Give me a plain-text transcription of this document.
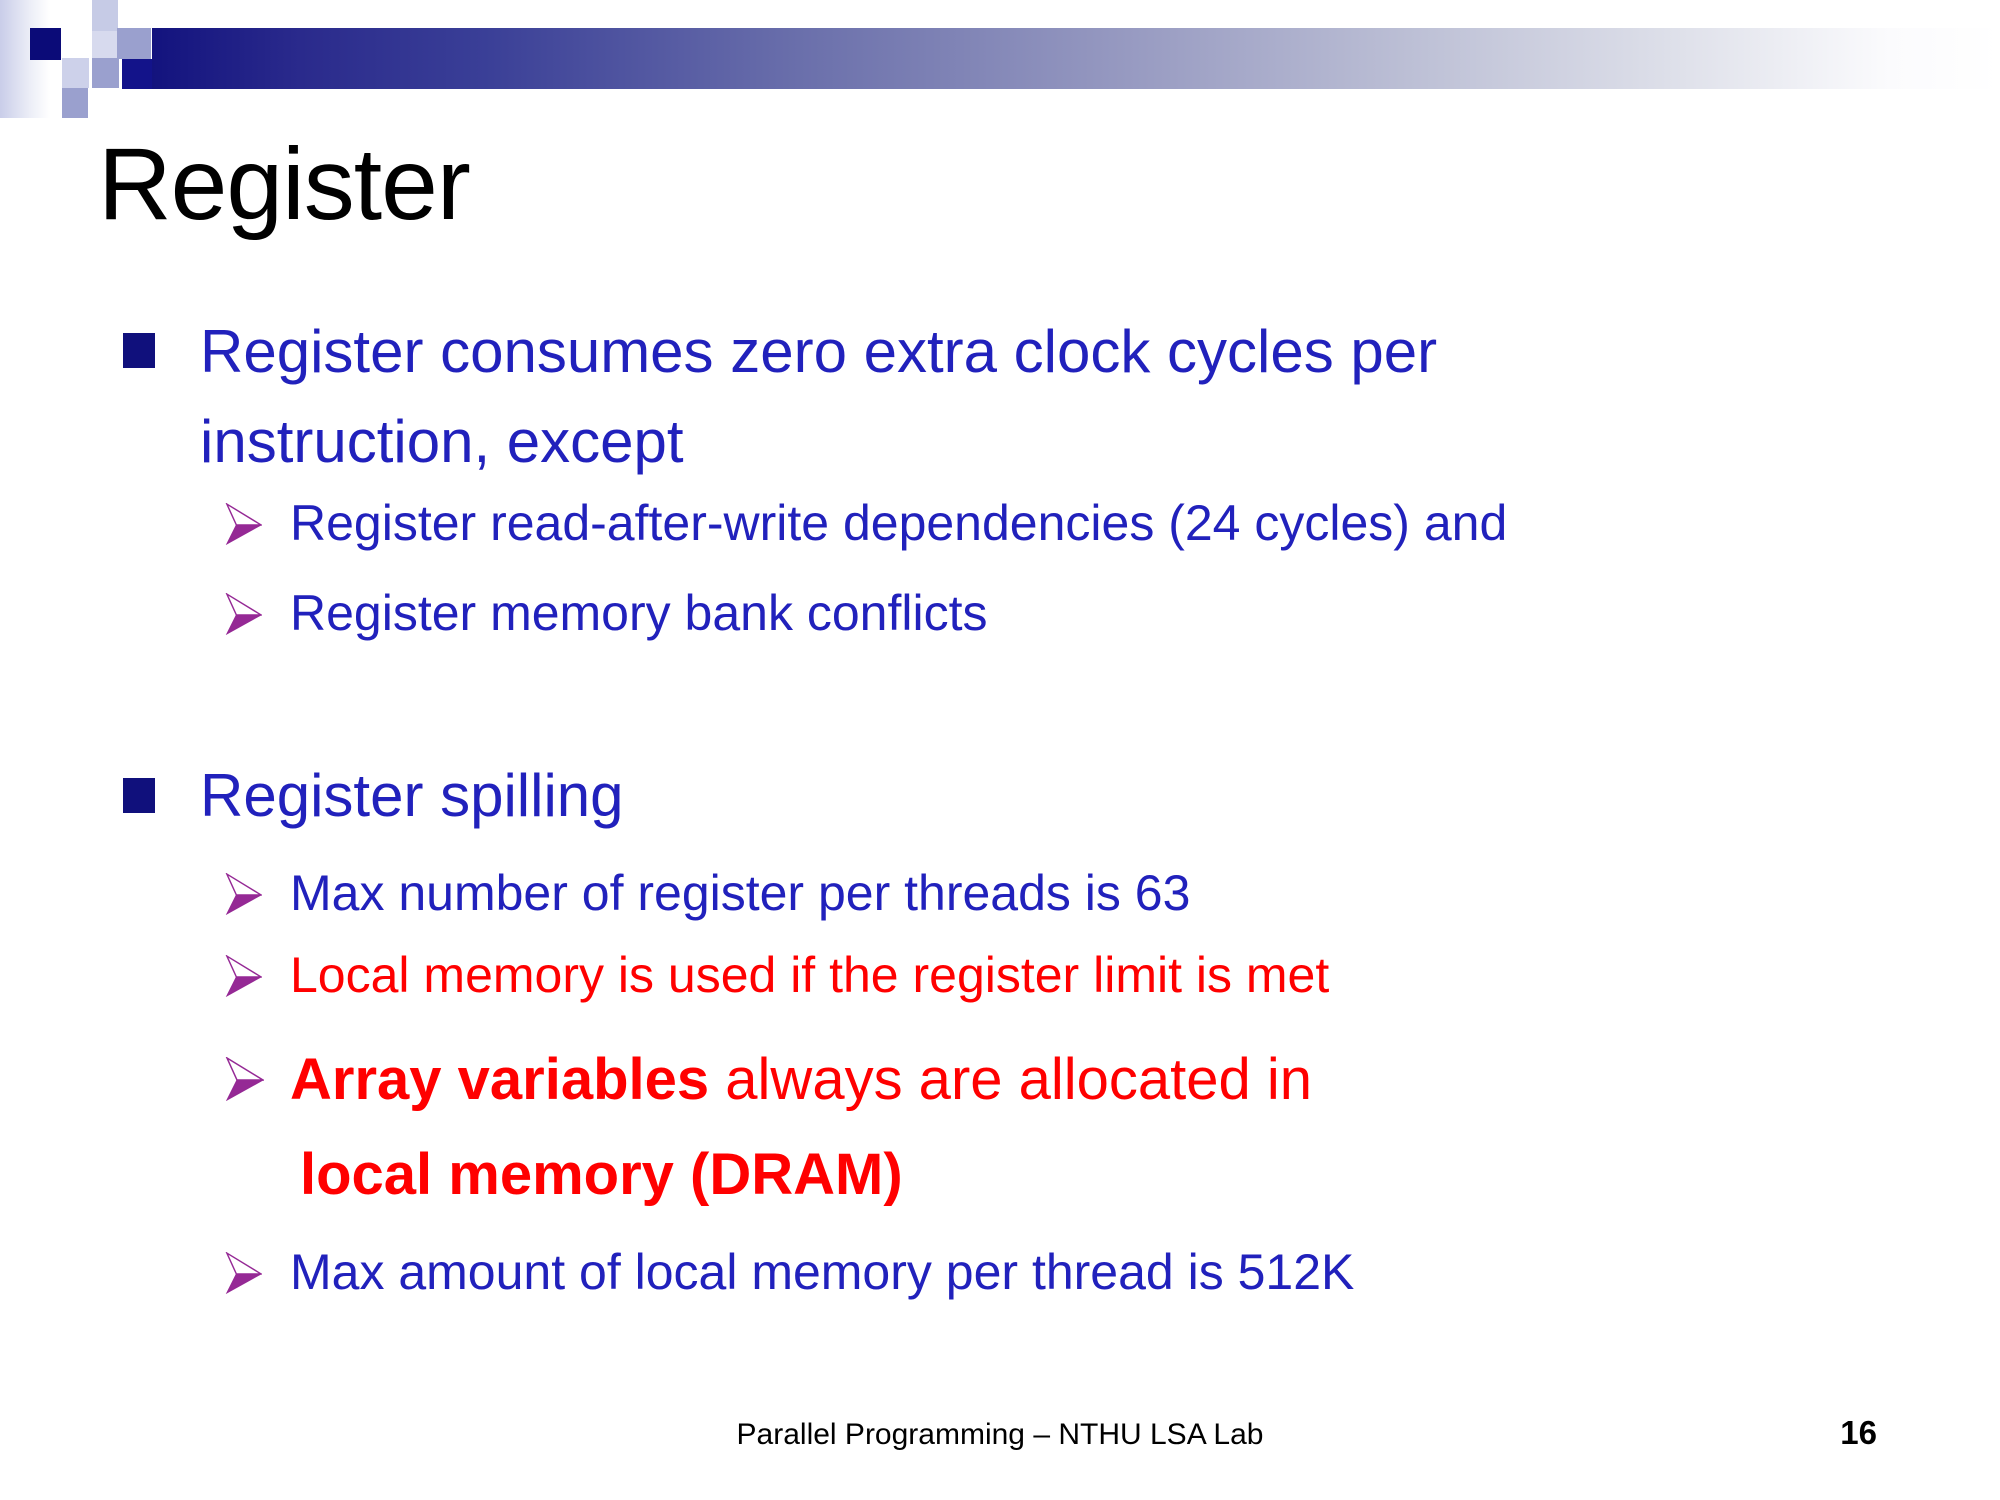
Register
Register consumes zero extra clock cycles per
instruction, except
Register read-after-write dependencies (24 cycles) and
Register memory bank conflicts
Register spilling
Max number of register per threads is 63
Local memory is used if the register limit is met
Array variables always are allocated in
local memory (DRAM)
Max amount of local memory per thread is 512K
Parallel Programming – NTHU LSA Lab	16
